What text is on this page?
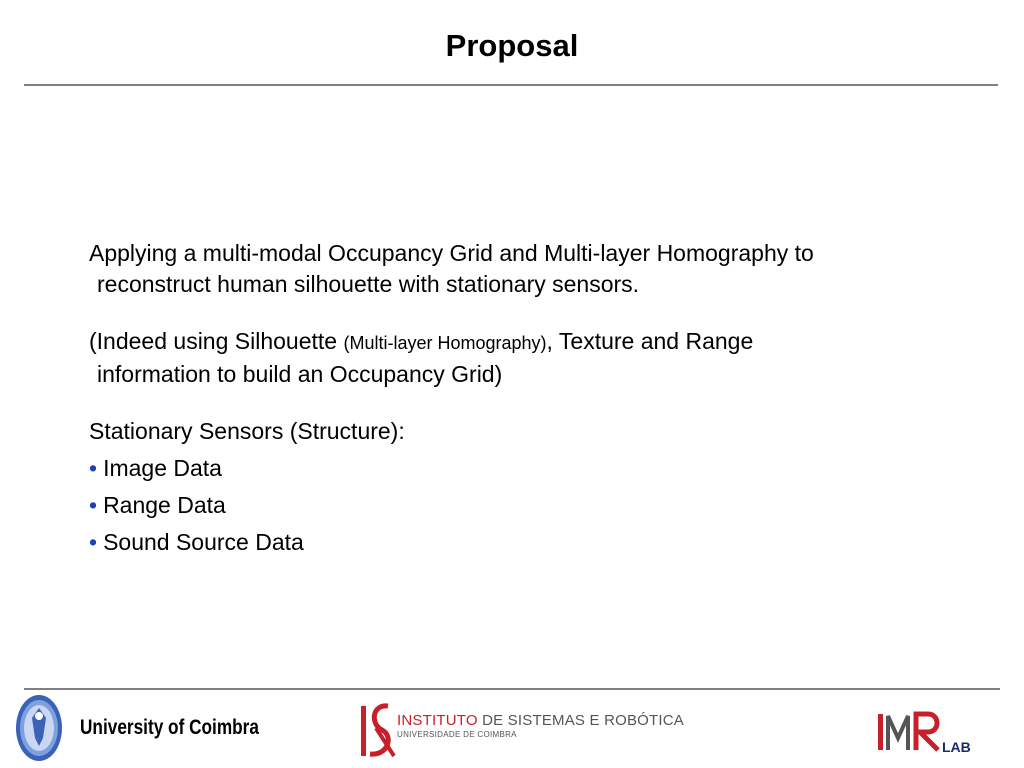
Proposal

Applying a multi-modal Occupancy Grid and Multi-layer Homography to
reconstruct human silhouette with stationary sensors.

(Indeed using Silhouette (Multi-layer Homography), Texture and Range
information to build an Occupancy Grid)

Stationary Sensors (Structure):
• Image Data
• Range Data
• Sound Source Data
University of Coimbra	INSTITUTO DE SISTEMAS E ROBÓTICA
UNIVERSIDADE DE COIMBRA
LAB
